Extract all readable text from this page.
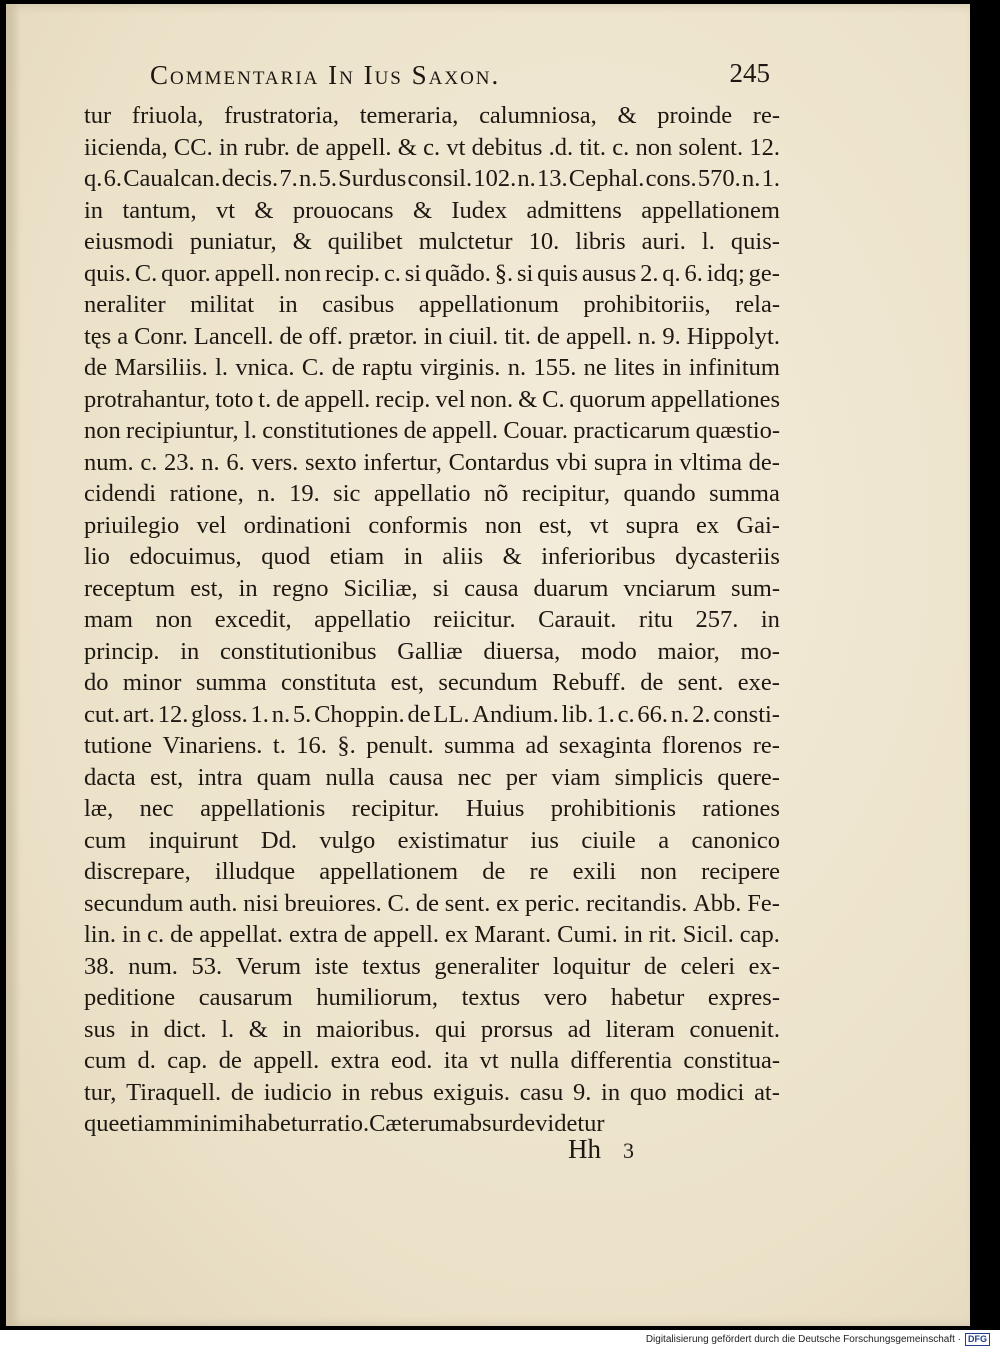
Commentaria In Ius Saxon.	245
tur friuola, frustratoria, temeraria, calumniosa, & proinde re-
iicienda, CC. in rubr. de appell. & c. vt debitus .d. tit. c. non solent. 12.
q. 6. Caualcan. decis. 7. n. 5. Surdus consil. 102. n. 13. Cephal. cons. 570. n. 1.
in tantum, vt & prouocans & Iudex admittens appellationem
eiusmodi puniatur, & quilibet mulctetur 10. libris auri. l. quis-
quis. C. quor. appell. non recip. c. si quãdo. §. si quis ausus 2. q. 6. idq; ge-
neraliter militat in casibus appellationum prohibitoriis, rela-
tęs a Conr. Lancell. de off. prætor. in ciuil. tit. de appell. n. 9. Hippolyt.
de Marsiliis. l. vnica. C. de raptu virginis. n. 155. ne lites in infinitum
protrahantur, toto t. de appell. recip. vel non. & C. quorum appellationes
non recipiuntur, l. constitutiones de appell. Couar. practicarum quæstio-
num. c. 23. n. 6. vers. sexto infertur, Contardus vbi supra in vltima de-
cidendi ratione, n. 19. sic appellatio nõ recipitur, quando summa
priuilegio vel ordinationi conformis non est, vt supra ex Gai-
lio edocuimus, quod etiam in aliis & inferioribus dycasteriis
receptum est, in regno Siciliæ, si causa duarum vnciarum sum-
mam non excedit, appellatio reiicitur. Carauit. ritu 257. in
princip. in constitutionibus Galliæ diuersa, modo maior, mo-
do minor summa constituta est, secundum Rebuff. de sent. exe-
cut. art. 12. gloss. 1. n. 5. Choppin. de LL. Andium. lib. 1. c. 66. n. 2. consti-
tutione Vinariens. t. 16. §. penult. summa ad sexaginta florenos re-
dacta est, intra quam nulla causa nec per viam simplicis quere-
læ, nec appellationis recipitur. Huius prohibitionis rationes
cum inquirunt Dd. vulgo existimatur ius ciuile a canonico
discrepare, illudque appellationem de re exili non recipere
secundum auth. nisi breuiores. C. de sent. ex peric. recitandis. Abb. Fe-
lin. in c. de appellat. extra de appell. ex Marant. Cumi. in rit. Sicil. cap.
38. num. 53. Verum iste textus generaliter loquitur de celeri ex-
peditione causarum humiliorum, textus vero habetur expres-
sus in dict. l. & in maioribus. qui prorsus ad literam conuenit.
cum d. cap. de appell. extra eod. ita vt nulla differentia constitua-
tur, Tiraquell. de iudicio in rebus exiguis. casu 9. in quo modici at-
que etiam minimi habetur ratio. Cæterum absurde videtur
Hh 3
Digitalisierung gefördert durch die Deutsche Forschungsgemeinschaft · DFG
